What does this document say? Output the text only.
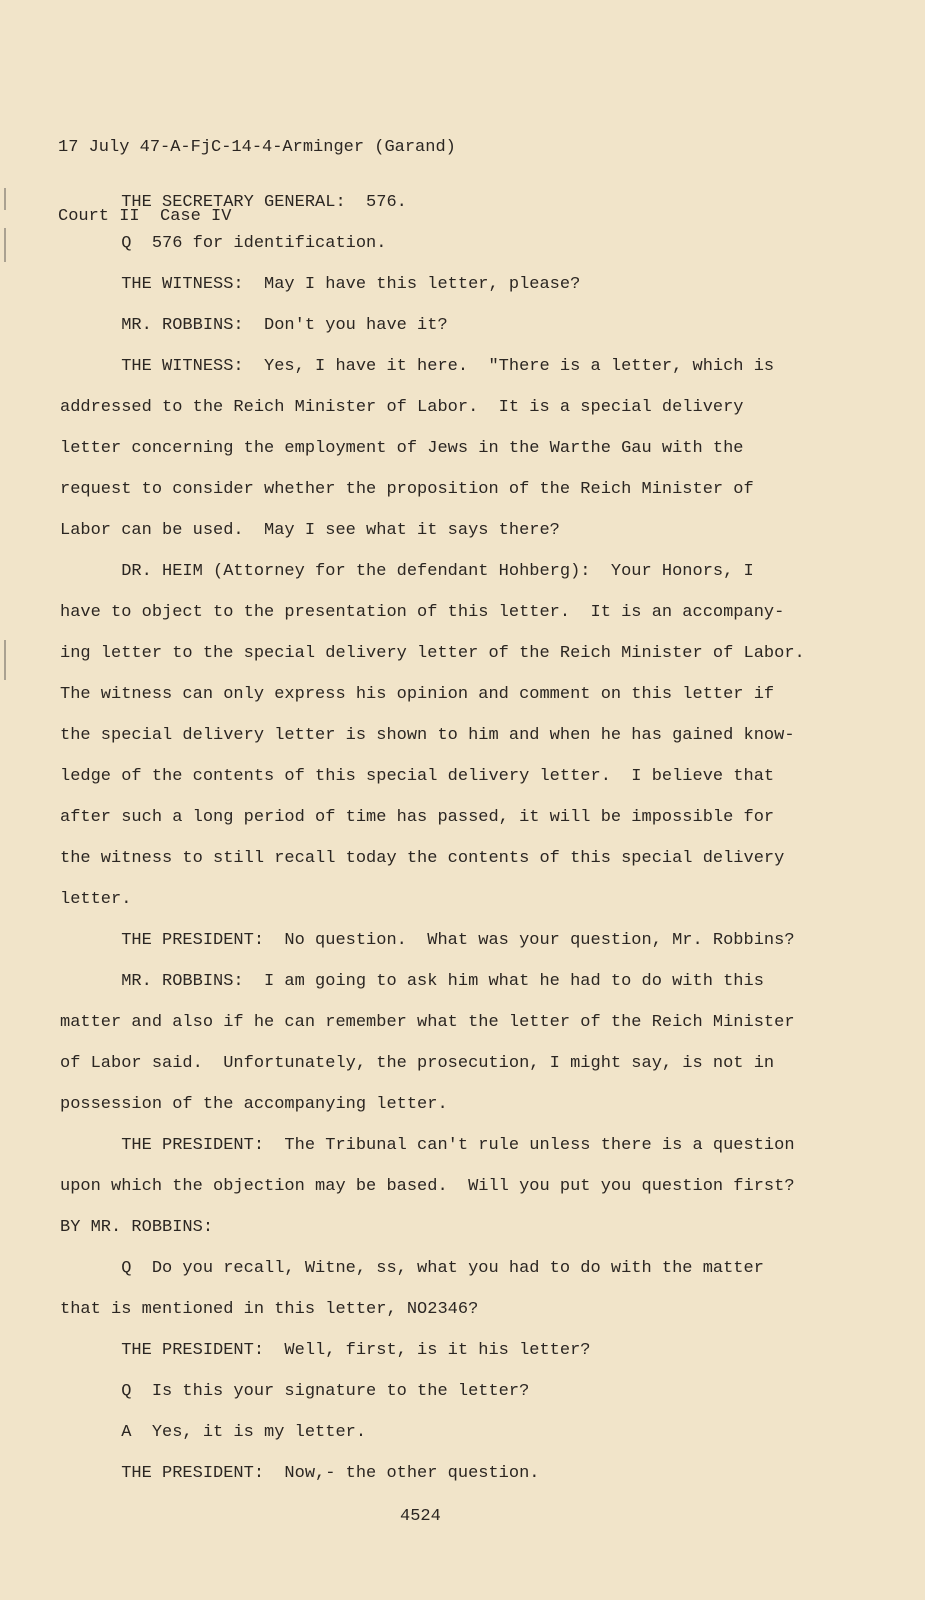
17 July 47-A-FjC-14-4-Arminger (Garand)

Court II  Case IV

THE SECRETARY GENERAL:  576.
Q  576 for identification.
THE WITNESS:  May I have this letter, please?
MR. ROBBINS:  Don't you have it?
THE WITNESS:  Yes, I have it here.  "There is a letter, which is
addressed to the Reich Minister of Labor.  It is a special delivery
letter concerning the employment of Jews in the Warthe Gau with the
request to consider whether the proposition of the Reich Minister of
Labor can be used.  May I see what it says there?
DR. HEIM (Attorney for the defendant Hohberg):  Your Honors, I
have to object to the presentation of this letter.  It is an accompany-
ing letter to the special delivery letter of the Reich Minister of Labor.
The witness can only express his opinion and comment on this letter if
the special delivery letter is shown to him and when he has gained know-
ledge of the contents of this special delivery letter.  I believe that
after such a long period of time has passed, it will be impossible for
the witness to still recall today the contents of this special delivery
letter.
THE PRESIDENT:  No question.  What was your question, Mr. Robbins?
MR. ROBBINS:  I am going to ask him what he had to do with this
matter and also if he can remember what the letter of the Reich Minister
of Labor said.  Unfortunately, the prosecution, I might say, is not in
possession of the accompanying letter.
THE PRESIDENT:  The Tribunal can't rule unless there is a question
upon which the objection may be based.  Will you put you question first?
BY MR. ROBBINS:
Q  Do you recall, Witne, ss, what you had to do with the matter
that is mentioned in this letter, NO2346?
THE PRESIDENT:  Well, first, is it his letter?
Q  Is this your signature to the letter?
A  Yes, it is my letter.
THE PRESIDENT:  Now,- the other question.
4524
